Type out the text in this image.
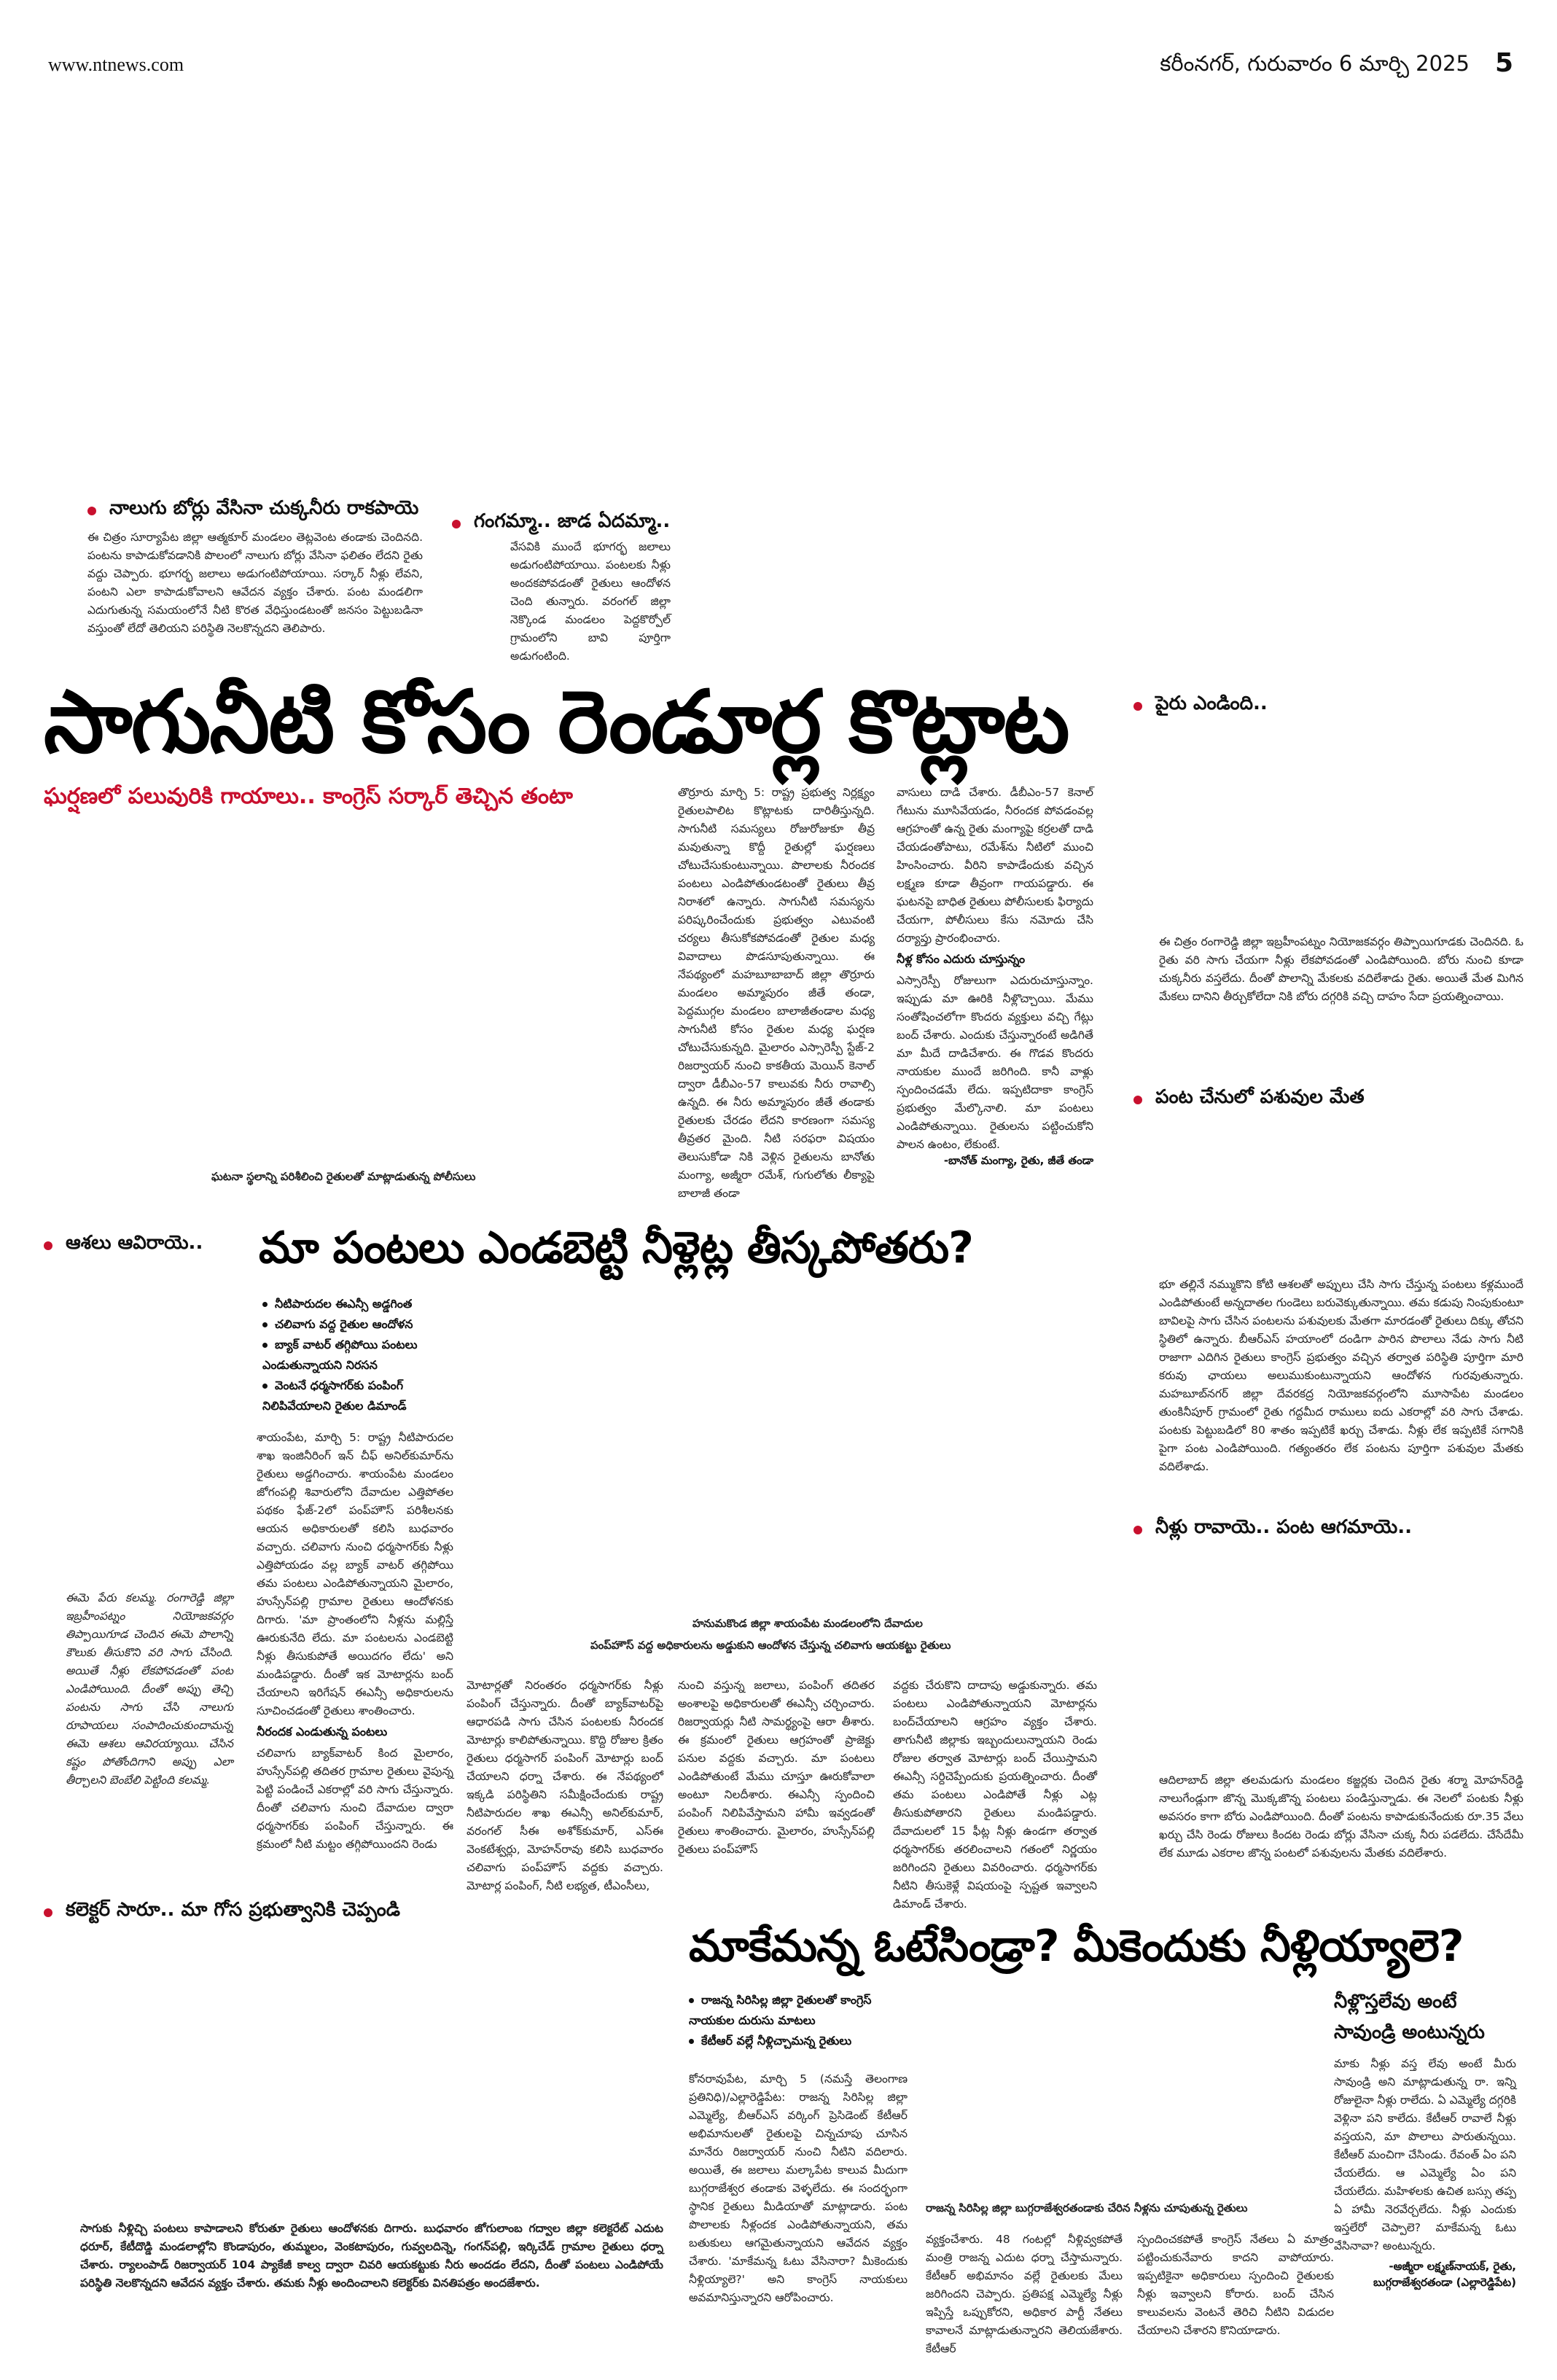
www.ntnews.com	కరీంనగర్, గురువారం 6 మార్చి 2025 5
నాలుగు బోర్లు వేసినా చుక్కనీరు రాకపాయె
ఈ చిత్రం సూర్యాపేట జిల్లా ఆత్మకూర్ మండలం తెట్లవెంట తండాకు చెందినది. పంటను కాపాడుకోవడానికి పొలంలో నాలుగు బోర్లు వేసినా ఫలితం లేదని రైతు వద్దు చెప్పారు. భూగర్భ జలాలు అడుగంటిపోయాయి. సర్కార్ నీళ్లు లేవని, పంటని ఎలా కాపాడుకోవాలని ఆవేదన వ్యక్తం చేశారు. పంట మండలిగా ఎదుగుతున్న సమయంలోనే నీటి కొరత వేధిస్తుండటంతో జనసం పెట్టుబడినా వస్తుంతో లేదో తెలియని పరిస్థితి నెలకొన్నదని తెలిపారు.
గంగమ్మా.. జాడ ఏదమ్మా..
వేసవికి ముందే భూగర్భ జలాలు అడుగంటిపోయాయి. పంటలకు నీళ్లు అందకపోవడంతో రైతులు ఆందోళన చెంది తున్నారు. వరంగల్ జిల్లా నెక్కొండ మండలం పెద్దకొర్పోల్ గ్రామంలోని బావి పూర్తిగా అడుగంటింది.
సాగునీటి కోసం రెండూర్ల కొట్లాట
ఘర్షణలో పలువురికి గాయాలు.. కాంగ్రెస్ సర్కార్ తెచ్చిన తంటా
ఘటనా స్థలాన్ని పరిశీలించి రైతులతో మాట్లాడుతున్న పోలీసులు
తొర్రూరు మార్చి 5: రాష్ట్ర ప్రభుత్వ నిర్లక్ష్యం రైతులపాలిట కొట్లాటకు దారితీస్తున్నది. సాగునీటి సమస్యలు రోజురోజుకూ తీవ్ర మవుతున్నా కొద్దీ రైతుల్లో ఘర్షణలు చోటుచేసుకుంటున్నాయి. పొలాలకు నీరందక పంటలు ఎండిపోతుండటంతో రైతులు తీవ్ర నిరాశలో ఉన్నారు. సాగునీటి సమస్యను పరిష్కరించేందుకు ప్రభుత్వం ఎటువంటి చర్యలు తీసుకోకపోవడంతో రైతుల మధ్య వివాదాలు పొడసూపుతున్నాయి. ఈ నేపథ్యంలో మహబూబాబాద్ జిల్లా తొర్రూరు మండలం అమ్మాపురం జీతే తండా, పెద్దముగ్గల మండలం బాలాజీతండాల మధ్య సాగునీటి కోసం రైతుల మధ్య ఘర్షణ చోటుచేసుకున్నది. మైలారం ఎస్సారెస్పీ స్టేజ్-2 రిజర్వాయర్ నుంచి కాకతీయ మెయిన్ కెనాల్ ద్వారా డీబీఎం-57 కాలువకు నీరు రావాల్సి ఉన్నది. ఈ నీరు అమ్మాపురం జీతే తండాకు రైతులకు చేరడం లేదని కారణంగా సమస్య తీవ్రతర మైంది. నీటి సరఫరా విషయం తెలుసుకోడా నికి వెళ్లిన రైతులను బానోతు మంగ్యా, అజ్మీరా రమేశ్, గుగులోతు లీక్యాపై బాలాజీ తండా
వాసులు దాడి చేశారు. డీబీఎం-57 కెనాల్ గేటును మూసివేయడం, నీరందక పోవడంవల్ల ఆగ్రహంతో ఉన్న రైతు మంగ్యాపై కర్రలతో దాడి చేయడంతోపాటు, రమేశ్‌ను నీటిలో ముంచి హింసించారు. వీరిని కాపాడేందుకు వచ్చిన లక్ష్మణ కూడా తీవ్రంగా గాయపడ్డారు. ఈ ఘటనపై బాధిత రైతులు పోలీసులకు ఫిర్యాదు చేయగా, పోలీసులు కేసు నమోదు చేసి దర్యాప్తు ప్రారంభించారు.
నీళ్ల కోసం ఎదురు చూస్తున్నం
ఎస్సారెస్పీ రోజులుగా ఎదురుచూస్తున్నాం. ఇప్పుడు మా ఊరికి నీళ్లొచ్చాయి. మేము సంతోషించలోగా కొందరు వ్యక్తులు వచ్చి గేట్లు బంద్ చేశారు. ఎందుకు చేస్తున్నారంటే అడిగితే మా మీదే దాడిచేశారు. ఈ గొడవ కొందరు నాయకుల ముందే జరిగింది. కానీ వాళ్లు స్పందించడమే లేదు. ఇప్పటిదాకా కాంగ్రెస్ ప్రభుత్వం మేల్కొనాలి. మా పంటలు ఎండిపోతున్నాయి. రైతులను పట్టించుకోని పాలన ఉంటం, లేకుంటే.
-బానోత్ మంగ్యా, రైతు, జీతే తండా
పైరు ఎండింది..
ఈ చిత్రం రంగారెడ్డి జిల్లా ఇబ్రహీంపట్నం నియోజకవర్గం తిప్పాయిగూడకు చెందినది. ఓ రైతు వరి సాగు చేయగా నీళ్లు లేకపోవడంతో ఎండిపోయింది. బోరు నుంచి కూడా చుక్కనీరు వస్తలేదు. దీంతో పొలాన్ని మేకలకు వదిలేశాడు రైతు. అయితే మేత మిగిన మేకలు దానిని తీర్చుకోలేదా నికి బోరు దగ్గరికి వచ్చి దాహం సేదా ప్రయత్నించాయి.
పంట చేనులో పశువుల మేత
భూ తల్లినే నమ్ముకొని కోటి ఆశలతో అప్పులు చేసి సాగు చేస్తున్న పంటలు కళ్లముందే ఎండిపోతుంటే అన్నదాతల గుండెలు బరువెక్కుతున్నాయి. తమ కడుపు నింపుకుంటూ బావిలపై సాగు చేసిన పంటలను పశువులకు మేతగా మారడంతో రైతులు దిక్కు తోచని స్థితిలో ఉన్నారు. బీఆర్ఎస్ హయాంలో దండిగా పారిన పొలాలు నేడు సాగు నీటి రాజాగా ఎదిగిన రైతులు కాంగ్రెస్ ప్రభుత్వం వచ్చిన తర్వాత పరిస్థితి పూర్తిగా మారి కరువు ఛాయలు అలుముకుంటున్నాయని ఆందోళన గురవుతున్నారు. మహబూబ్‌నగర్ జిల్లా దేవరకద్ర నియోజకవర్గంలోని మూసాపేట మండలం తుంకినీపూర్ గ్రామంలో రైతు గద్దమీద రాములు ఐదు ఎకరాల్లో వరి సాగు చేశాడు. పంటకు పెట్టుబడిలో 80 శాతం ఇప్పటికే ఖర్చు చేశాడు. నీళ్లు లేక ఇప్పటికే సగానికి పైగా పంట ఎండిపోయింది. గత్యంతరం లేక పంటను పూర్తిగా పశువుల మేతకు వదిలేశాడు.
నీళ్లు రావాయె.. పంట ఆగమాయె..
ఆదిలాబాద్ జిల్లా తలమడుగు మండలం కజ్జర్లకు చెందిన రైతు శర్మా మోహన్‌రెడ్డి నాలుగేండ్లుగా జొన్న మొక్కజొన్న పంటలు పండిస్తున్నాడు. ఈ నెలలో పంటకు నీళ్లు అవసరం కాగా బోరు ఎండిపోయింది. దీంతో పంటను కాపాడుకునేందుకు రూ.35 వేలు ఖర్చు చేసి రెండు రోజులు కిందట రెండు బోర్లు వేసినా చుక్క నీరు పడలేదు. చేసేదేమీ లేక మూడు ఎకరాల జొన్న పంటలో పశువులను మేతకు వదిలేశారు.
ఆశలు ఆవిరాయె.. మా పంటలు ఎండబెట్టి నీళ్లెట్ల తీస్కపోతరు?
నీటిపారుదల ఈఎన్సీ అడ్డగింత
చలివాగు వద్ద రైతుల ఆందోళన
బ్యాక్ వాటర్ తగ్గిపోయి పంటలు ఎండుతున్నాయని నిరసన
వెంటనే ధర్మసాగర్‌కు పంపింగ్ నిలిపివేయాలని రైతుల డిమాండ్
ఈమె పేరు కలమ్మ. రంగారెడ్డి జిల్లా ఇబ్రహీంపట్నం నియోజకవర్గం తిప్పాయిగూడ చెందిన ఈమె పొలాన్ని కౌలుకు తీసుకొని వరి సాగు చేసింది. అయితే నీళ్లు లేకపోవడంతో పంట ఎండిపోయింది. దీంతో అప్పు తెచ్చి పంటను సాగు చేసి నాలుగు రూపాయలు సంపాదించుకుందామన్న ఈమె ఆశలు ఆవిరయ్యాయి. చేసిన కష్టం పోతోందిగాని అప్పు ఎలా తీర్చాలని బెంబేలి పెట్టింది కలమ్మ.
శాయంపేట, మార్చి 5: రాష్ట్ర నీటిపారుదల శాఖ ఇంజినీరింగ్ ఇన్ చీఫ్ అనిల్‌కుమార్‌ను రైతులు అడ్డగించారు. శాయంపేట మండలం జోగంపల్లి శివారులోని దేవాదుల ఎత్తిపోతల పథకం ఫేజ్-2లో పంప్‌హౌస్ పరిశీలనకు ఆయన అధికారులతో కలిసి బుధవారం వచ్చారు. చలివాగు నుంచి ధర్మసాగర్‌కు నీళ్లు ఎత్తిపోయడం వల్ల బ్యాక్ వాటర్ తగ్గిపోయి తమ పంటలు ఎండిపోతున్నాయని మైలారం, హుస్సేన్‌పల్లి గ్రామాల రైతులు ఆందోళనకు దిగారు. 'మా ప్రాంతంలోని నీళ్లను మల్లిస్తే ఊరుకునేది లేదు. మా పంటలను ఎండబెట్టి నీళ్లు తీసుకుపోతే అయిదగం లేదు' అని మండిపడ్డారు. దీంతో ఇక మోటార్లను బంద్ చేయాలని ఇరిగేషన్ ఈఎన్సీ అధికారులను సూచించడంతో రైతులు శాంతించారు.
నీరందక ఎండుతున్న పంటలు
చలివాగు బ్యాక్‌వాటర్ కింద మైలారం, హుస్సేన్‌పల్లి తదితర గ్రామాల రైతులు వైపున్న పెట్టి పండించే ఎకరాల్లో వరి సాగు చేస్తున్నారు. దీంతో చలివాగు నుంచి దేవాదుల ద్వారా ధర్మసాగర్‌కు పంపింగ్ చేస్తున్నారు. ఈ క్రమంలో నీటి మట్టం తగ్గిపోయిందని రెండు
హనుమకొండ జిల్లా శాయంపేట మండలంలోని దేవాదుల
పంప్‌హౌస్ వద్ద అధికారులను అడ్డుకుని ఆందోళన చేస్తున్న చలివాగు ఆయకట్టు రైతులు
మోటార్లతో నిరంతరం ధర్మసాగర్‌కు నీళ్లు పంపింగ్ చేస్తున్నారు. దీంతో బ్యాక్‌వాటర్‌పై ఆధారపడి సాగు చేసిన పంటలకు నీరందక మోటార్లు కాలిపోతున్నాయి. కొద్ది రోజుల క్రితం రైతులు ధర్మసాగర్ పంపింగ్ మోటార్లు బంద్ చేయాలని ధర్నా చేశారు. ఈ నేపథ్యంలో ఇక్కడి పరిస్థితిని సమీక్షించేందుకు రాష్ట్ర నీటిపారుదల శాఖ ఈఎన్సీ అనిల్‌కుమార్, వరంగల్ సీఈ అశోక్‌కుమార్, ఎస్ఈ వెంకటేశ్వర్లు, మోహన్‌రావు కలిసి బుధవారం చలివాగు పంప్‌హౌస్ వద్దకు వచ్చారు. మోటార్ల పంపింగ్, నీటి లభ్యత, టీఎంసీలు,
నుంచి వస్తున్న జలాలు, పంపింగ్ తదితర అంశాలపై అధికారులతో ఈఎన్సీ చర్చించారు. రిజర్వాయర్లు నీటి సామర్థ్యంపై ఆరా తీశారు. ఈ క్రమంలో రైతులు ఆగ్రహంతో ప్రాజెక్టు పనుల వద్దకు వచ్చారు. మా పంటలు ఎండిపోతుంటే మేము చూస్తూ ఊరుకోవాలా అంటూ నిలదీశారు. ఈఎన్సీ స్పందించి పంపింగ్ నిలిపివేస్తామని హామీ ఇవ్వడంతో రైతులు శాంతించారు. మైలారం, హుస్సేన్‌పల్లి రైతులు పంప్‌హౌస్
వద్దకు చేరుకొని దాదాపు అడ్డుకున్నారు. తమ పంటలు ఎండిపోతున్నాయని మోటార్లను బంద్‌చేయాలని ఆగ్రహం వ్యక్తం చేశారు. తాగునీటి జిల్లాకు ఇబ్బందులున్నాయని రెండు రోజుల తర్వాత మోటార్లు బంద్ చేయిస్తామని ఈఎన్సీ సర్దిచెప్పేందుకు ప్రయత్నించారు. దీంతో తమ పంటలు ఎండిపోతే నీళ్లు ఎట్ల తీసుకుపోతారని రైతులు మండిపడ్డారు. దేవాదులలో 15 ఫీట్ల నీళ్లు ఉండగా తర్వాత ధర్మసాగర్‌కు తరలించాలని గతంలో నిర్ణయం జరిగిందని రైతులు వివరించారు. ధర్మసాగర్‌కు నీటిని తీసుకెళ్లే విషయంపై స్పష్టత ఇవ్వాలని డిమాండ్ చేశారు.
కలెక్టర్ సారూ.. మా గోస ప్రభుత్వానికి చెప్పండి
మాకేమన్న ఓటేసిండ్రా? మీకెందుకు నీళ్లియ్యాలె?
రాజన్న సిరిసిల్ల జిల్లా రైతులతో కాంగ్రెస్ నాయకుల దురుసు మాటలు
కేటీఆర్ వల్లే నీళ్లిచ్చామన్న రైతులు
కోనరావుపేట, మార్చి 5 (నమస్తే తెలంగాణ ప్రతినిధి)/ఎల్లారెడ్డిపేట: రాజన్న సిరిసిల్ల జిల్లా ఎమ్మెల్యే, బీఆర్ఎస్ వర్కింగ్ ప్రెసిడెంట్ కేటీఆర్ అభిమానులతో రైతులపై చిన్నచూపు చూసిన మానేరు రిజర్వాయర్ నుంచి నీటిని వదిలారు. అయితే, ఈ జలాలు మల్కాపేట కాలువ మీదుగా బుగ్గరాజేశ్వర తండాకు వెళ్ళలేదు. ఈ సందర్భంగా స్థానిక రైతులు మీడియాతో మాట్లాడారు. పంట పొలాలకు నీళ్లందక ఎండిపోతున్నాయని, తమ బతుకులు ఆగమైతున్నాయని ఆవేదన వ్యక్తం చేశారు. 'మాకేమన్న ఓటు వేసినారా? మీకెందుకు నీళ్లియ్యాలె?' అని కాంగ్రెస్ నాయకులు అవమానిస్తున్నారని ఆరోపించారు.
రాజన్న సిరిసిల్ల జిల్లా బుగ్గరాజేశ్వరతండాకు చేరిన నీళ్లను చూపుతున్న రైతులు
వ్యక్తంచేశారు. 48 గంటల్లో నీళ్లివ్వకపోతే మంత్రి రాజన్న ఎదుట ధర్నా చేస్తామన్నారు. కేటీఆర్ అభిమానం వల్లే రైతులకు మేలు జరిగిందని చెప్పారు. ప్రతిపక్ష ఎమ్మెల్యే నీళ్లు ఇప్పిస్తే ఒప్పుకోరని, అధికార పార్టీ నేతలు కావాలనే మాట్లాడుతున్నారని తెలియజేశారు. కేటీఆర్
స్పందించకపోతే కాంగ్రెస్ నేతలు ఏ మాత్రం పట్టించుకునేవారు కాదని వాపోయారు. ఇప్పటికైనా అధికారులు స్పందించి రైతులకు నీళ్లు ఇవ్వాలని కోరారు. బంద్ చేసిన కాలువలను వెంటనే తెరిచి నీటిని విడుదల చేయాలని చేశారని కొనియాడారు.
నీళ్లొస్తలేవు అంటే సావుండ్రి అంటున్నరు
మాకు నీళ్లు వస్త లేవు అంటే మీరు సావుండ్రి అని మాట్లాడుతున్న రా. ఇన్ని రోజులైనా నీళ్లు రాలేదు. ఏ ఎమ్మెల్యే దగ్గరికి వెళ్లినా పని కాలేదు. కేటీఆర్ రావాలే నీళ్లు వస్తయని, మా పొలాలు పారుతున్నయి. కేటీఆర్ మంచిగా చేసిండు. రేవంత్ ఏం పని చేయలేదు. ఆ ఎమ్మెల్యే ఏం పని చేయలేదు. మహిళలకు ఉచిత బస్సు తప్ప ఏ హామీ నెరవేర్చలేదు. నీళ్లు ఎందుకు ఇస్తలేరో చెప్పాలె? మాకేమన్న ఓటు వేసినావా? అంటున్నరు.
-అజ్మీరా లక్ష్మణ్‌నాయక్, రైతు, బుగ్గరాజేశ్వరతండా (ఎల్లారెడ్డిపేట)
సాగుకు నీళ్లిచ్చి పంటలు కాపాడాలని కోరుతూ రైతులు ఆందోళనకు దిగారు. బుధవారం జోగులాంబ గద్వాల జిల్లా కలెక్టరేట్ ఎదుట ధరూర్, కేటీదొడ్డి మండలాల్లోని కొండాపురం, తుమ్మలం, వెంకటాపురం, గువ్వలదిన్నె, గంగన్‌పల్లి, ఇర్కిచేడ్ గ్రామాల రైతులు ధర్నా చేశారు. ర్యాలంపాడ్ రిజర్వాయర్ 104 ప్యాకేజీ కాల్వ ద్వారా చివరి ఆయకట్టుకు నీరు అందడం లేదని, దీంతో పంటలు ఎండిపోయే పరిస్థితి నెలకొన్నదని ఆవేదన వ్యక్తం చేశారు. తమకు నీళ్లు అందించాలని కలెక్టర్‌కు వినతిపత్రం అందజేశారు.
